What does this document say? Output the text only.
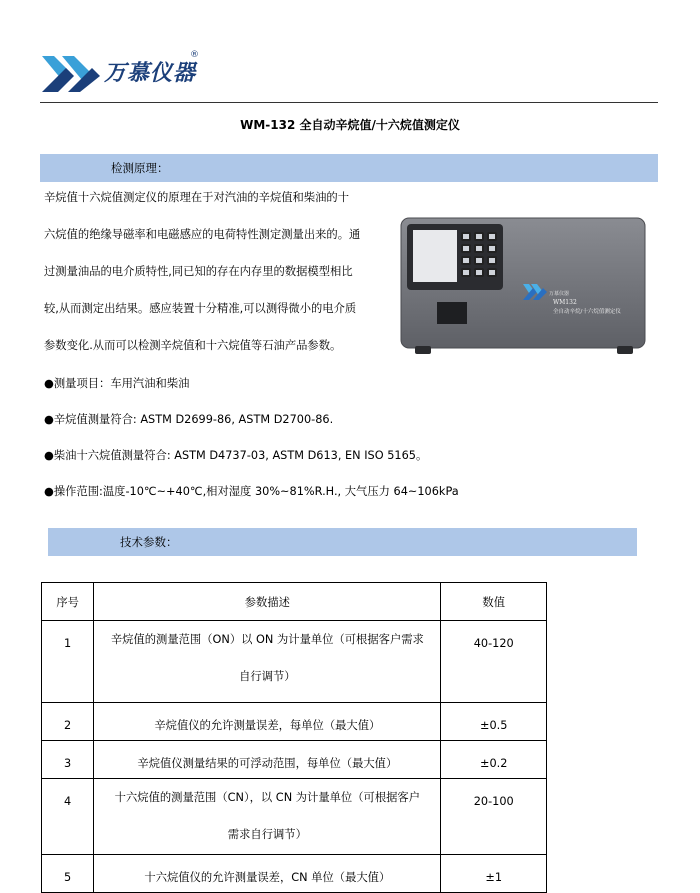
万慕仪器
®
WM-132 全自动辛烷值/十六烷值测定仪
检测原理：
辛烷值十六烷值测定仪的原理在于对汽油的辛烷值和柴油的十
六烷值的绝缘导磁率和电磁感应的电荷特性测定测量出来的。通
过测量油品的电介质特性,同已知的存在内存里的数据模型相比
较,从而测定出结果。感应装置十分精准,可以测得微小的电介质
参数变化.从而可以检测辛烷值和十六烷值等石油产品参数。
●测量项目：车用汽油和柴油
●辛烷值测量符合: ASTM D2699-86, ASTM D2700-86.
●柴油十六烷值测量符合: ASTM D4737-03, ASTM D613, EN ISO 5165。
●操作范围:温度-10℃~+40℃,相对湿度 30%~81%R.H., 大气压力 64~106kPa
万慕仪器
WM132
全自动辛烷/十六烷值测定仪
技术参数：
序号	参数描述	数值
1	辛烷值的测量范围（ON）以 ON 为计量单位（可根据客户需求
自行调节）	40-120
2	辛烷值仪的允许测量误差，每单位（最大值）	±0.5
3	辛烷值仪测量结果的可浮动范围，每单位（最大值）	±0.2
4	十六烷值的测量范围（CN），以 CN 为计量单位（可根据客户
需求自行调节）	20-100
5	十六烷值仪的允许测量误差，CN 单位（最大值）	±1
